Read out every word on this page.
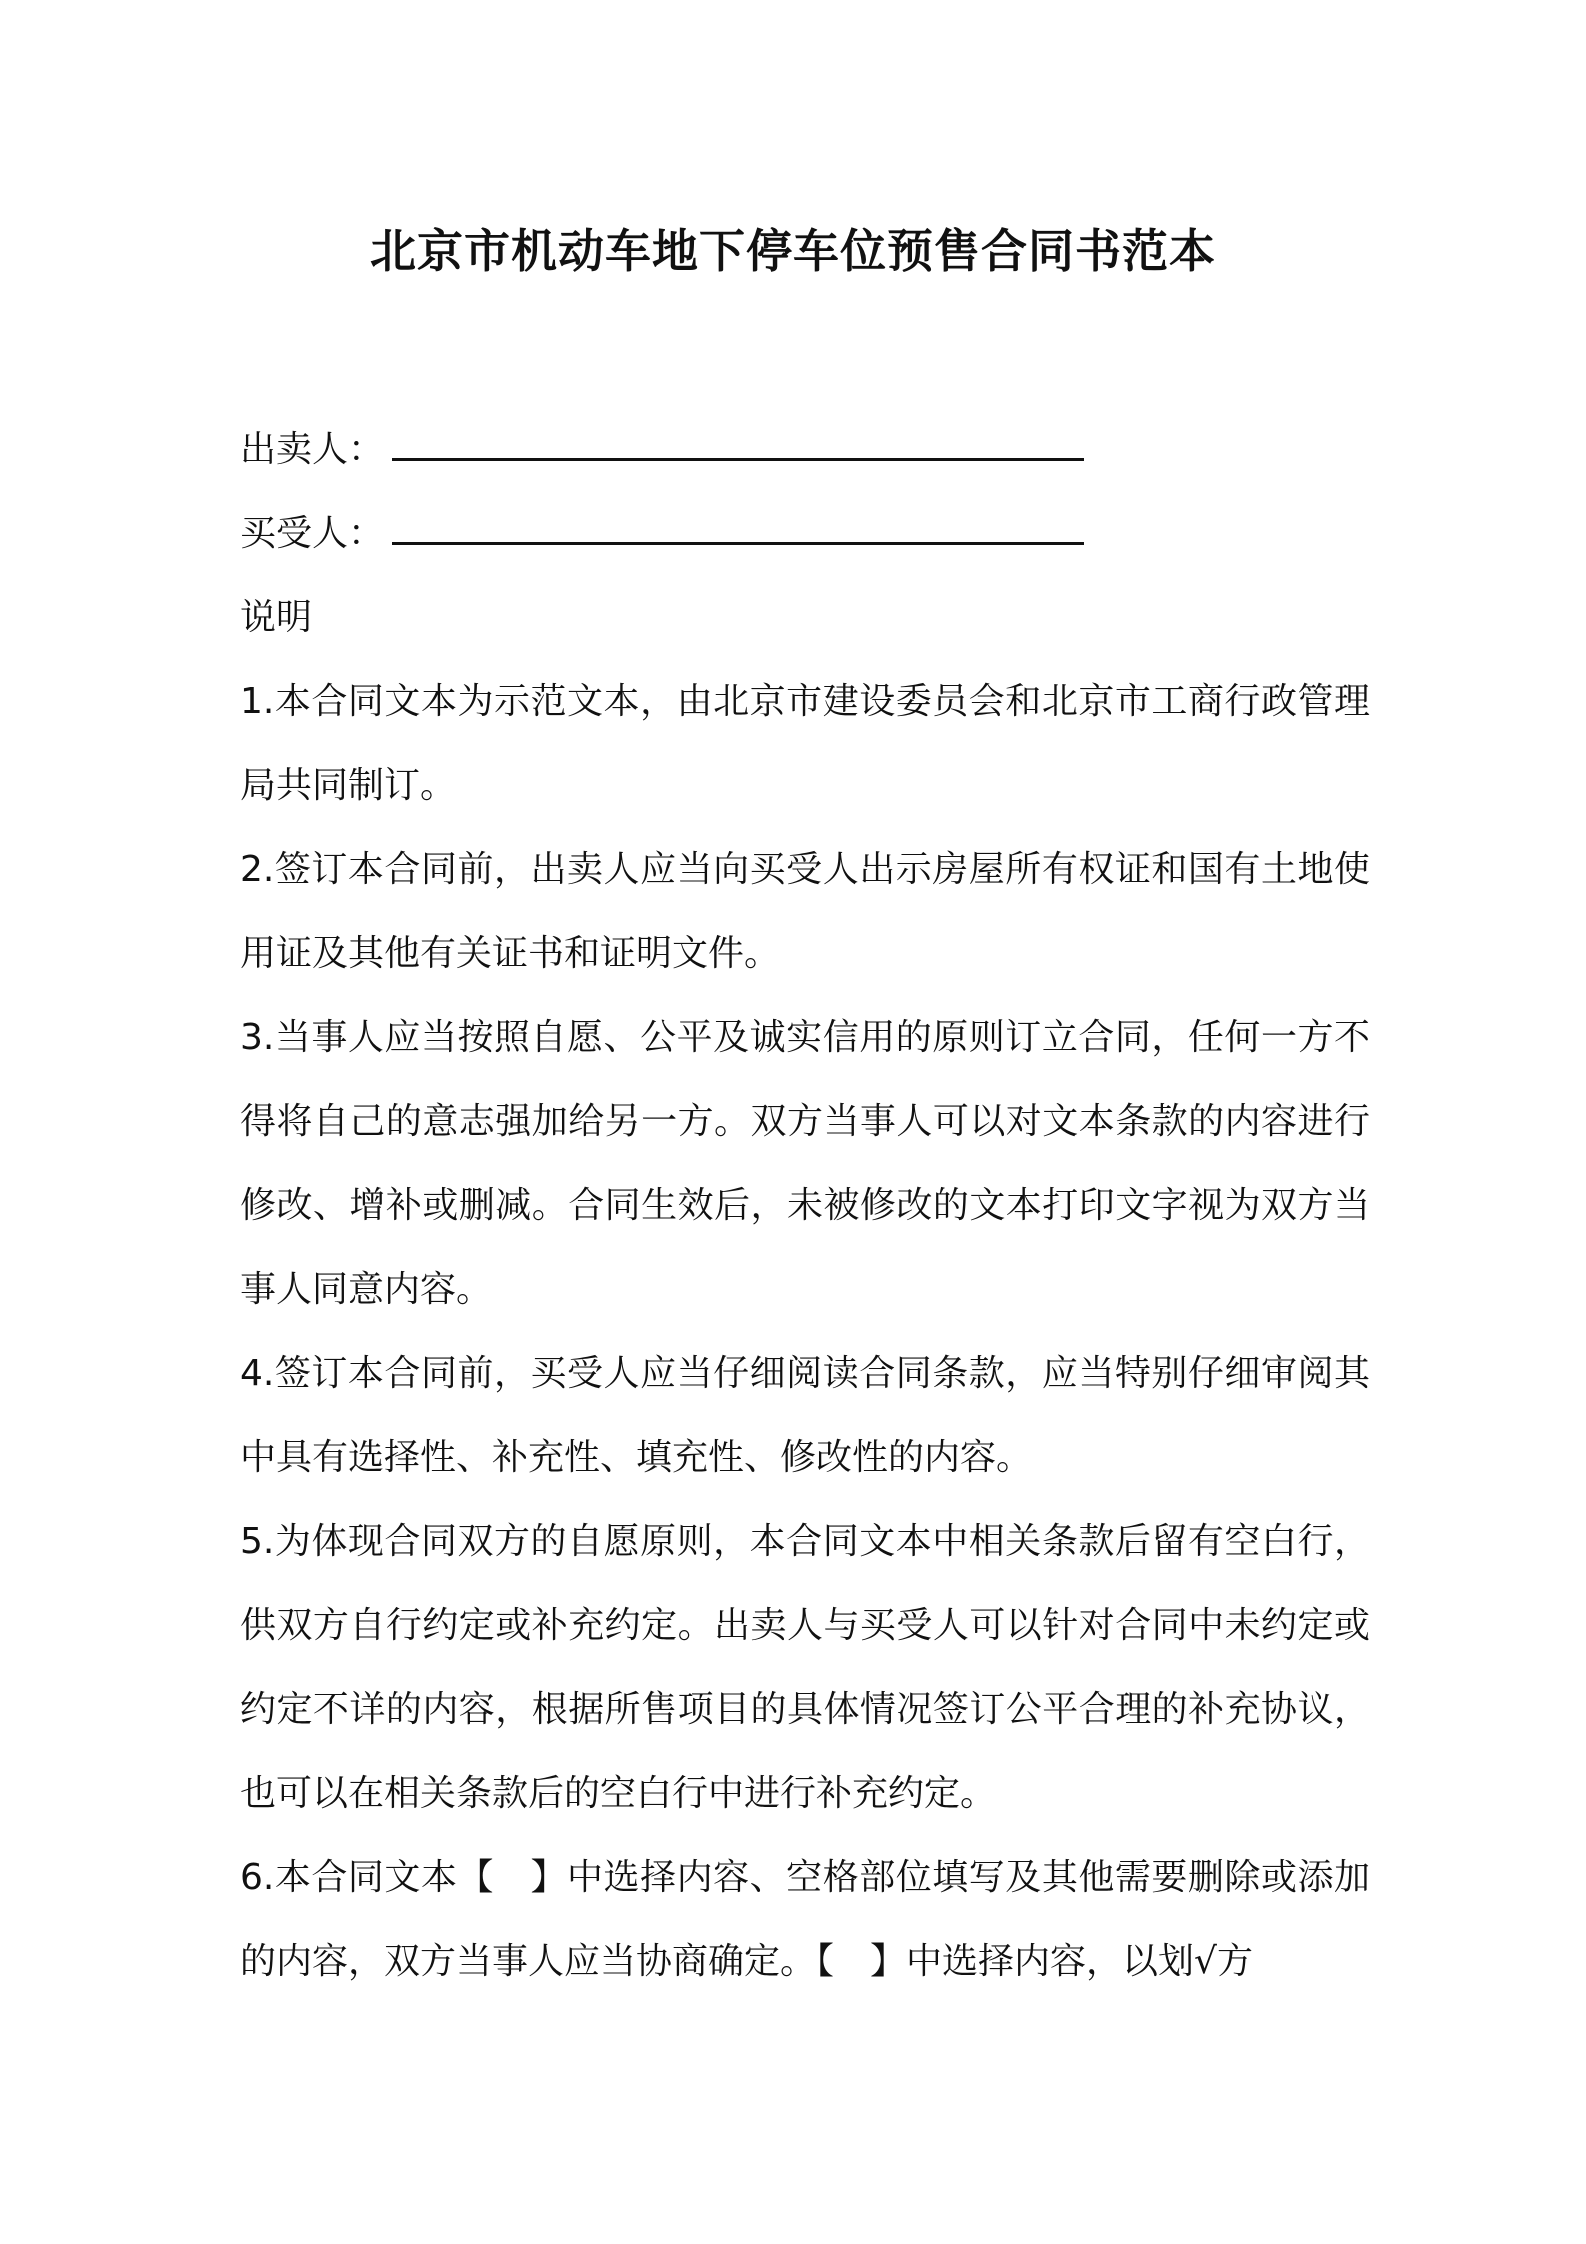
北京市机动车地下停车位预售合同书范本
出卖人：
买受人：
说明
1.本合同文本为示范文本，由北京市建设委员会和北京市工商行政管理局共同制订。
2.签订本合同前，出卖人应当向买受人出示房屋所有权证和国有土地使用证及其他有关证书和证明文件。
3.当事人应当按照自愿、公平及诚实信用的原则订立合同，任何一方不得将自己的意志强加给另一方。双方当事人可以对文本条款的内容进行修改、增补或删减。合同生效后，未被修改的文本打印文字视为双方当事人同意内容。
4.签订本合同前，买受人应当仔细阅读合同条款，应当特别仔细审阅其中具有选择性、补充性、填充性、修改性的内容。
5.为体现合同双方的自愿原则，本合同文本中相关条款后留有空白行，供双方自行约定或补充约定。出卖人与买受人可以针对合同中未约定或约定不详的内容，根据所售项目的具体情况签订公平合理的补充协议，也可以在相关条款后的空白行中进行补充约定。
6.本合同文本【　】中选择内容、空格部位填写及其他需要删除或添加的内容，双方当事人应当协商确定。【　】中选择内容，以划√方
